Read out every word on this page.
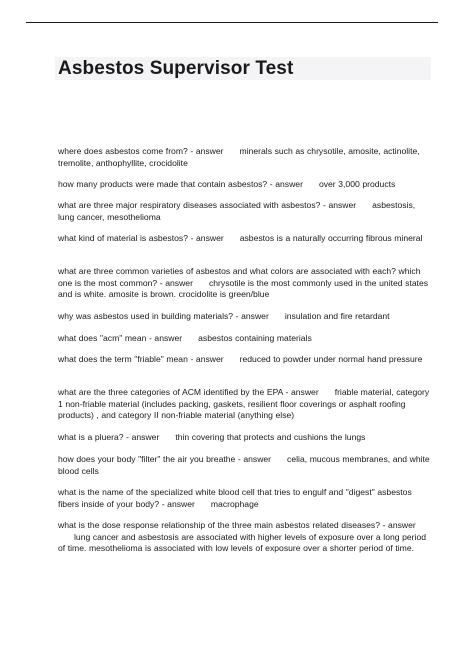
Asbestos Supervisor Test

where does asbestos come from? - answer minerals such as chrysotile, amosite, actinolite, tremolite, anthophyllite, crocidolite

how many products were made that contain asbestos? - answer over 3,000 products

what are three major respiratory diseases associated with asbestos? - answer asbestosis, lung cancer, mesothelioma

what kind of material is asbestos? - answer asbestos is a naturally occurring fibrous mineral

what are three common varieties of asbestos and what colors are associated with each? which one is the most common? - answer chrysotile is the most commonly used in the united states and is white. amosite is brown. crocidolite is green/blue

why was asbestos used in building materials? - answer insulation and fire retardant

what does "acm" mean - answer asbestos containing materials

what does the term "friable" mean - answer reduced to powder under normal hand pressure

what are the three categories of ACM identified by the EPA - answer friable material, category 1 non-friable material (includes packing, gaskets, resilient floor coverings or asphalt roofing products) , and category II non-friable material (anything else)

what is a pluera? - answer thin covering that protects and cushions the lungs

how does your body "filter" the air you breathe - answer celia, mucous membranes, and white blood cells

what is the name of the specialized white blood cell that tries to engulf and "digest" asbestos fibers inside of your body? - answer macrophage

what is the dose response relationship of the three main asbestos related diseases? - answerlung cancer and asbestosis are associated with higher levels of exposure over a long period of time. mesothelioma is associated with low levels of exposure over a shorter period of time.
